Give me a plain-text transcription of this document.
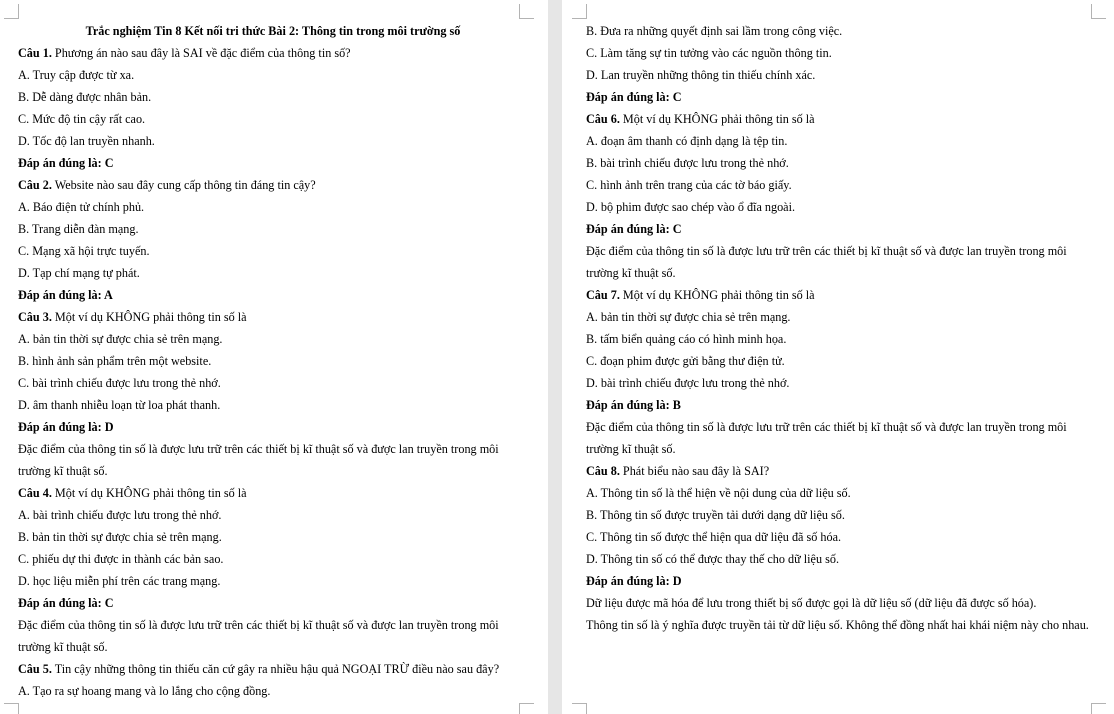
Trắc nghiệm Tin 8 Kết nối tri thức Bài 2: Thông tin trong môi trường số
Câu 1. Phương án nào sau đây là SAI về đặc điểm của thông tin số?
A. Truy cập được từ xa.
B. Dễ dàng được nhân bản.
C. Mức độ tin cậy rất cao.
D. Tốc độ lan truyền nhanh.
Đáp án đúng là: C
Câu 2. Website nào sau đây cung cấp thông tin đáng tin cậy?
A. Báo điện tử chính phủ.
B. Trang diễn đàn mạng.
C. Mạng xã hội trực tuyến.
D. Tạp chí mạng tự phát.
Đáp án đúng là: A
Câu 3. Một ví dụ KHÔNG phải thông tin số là
A. bản tin thời sự được chia sẻ trên mạng.
B. hình ảnh sản phẩm trên một website.
C. bài trình chiếu được lưu trong thẻ nhớ.
D. âm thanh nhiễu loạn từ loa phát thanh.
Đáp án đúng là: D
Đặc điểm của thông tin số là được lưu trữ trên các thiết bị kĩ thuật số và được lan truyền trong môi trường kĩ thuật số.
Câu 4. Một ví dụ KHÔNG phải thông tin số là
A. bài trình chiếu được lưu trong thẻ nhớ.
B. bản tin thời sự được chia sẻ trên mạng.
C. phiếu dự thi được in thành các bản sao.
D. học liệu miễn phí trên các trang mạng.
Đáp án đúng là: C
Đặc điểm của thông tin số là được lưu trữ trên các thiết bị kĩ thuật số và được lan truyền trong môi trường kĩ thuật số.
Câu 5. Tin cậy những thông tin thiếu căn cứ gây ra nhiều hậu quả NGOẠI TRỪ điều nào sau đây?
A. Tạo ra sự hoang mang và lo lắng cho cộng đồng.
B. Đưa ra những quyết định sai lầm trong công việc.
C. Làm tăng sự tin tưởng vào các nguồn thông tin.
D. Lan truyền những thông tin thiếu chính xác.
Đáp án đúng là: C
Câu 6. Một ví dụ KHÔNG phải thông tin số là
A. đoạn âm thanh có định dạng là tệp tin.
B. bài trình chiếu được lưu trong thẻ nhớ.
C. hình ảnh trên trang của các tờ báo giấy.
D. bộ phim được sao chép vào ổ đĩa ngoài.
Đáp án đúng là: C
Đặc điểm của thông tin số là được lưu trữ trên các thiết bị kĩ thuật số và được lan truyền trong môi trường kĩ thuật số.
Câu 7. Một ví dụ KHÔNG phải thông tin số là
A. bản tin thời sự được chia sẻ trên mạng.
B. tấm biển quảng cáo có hình minh họa.
C. đoạn phim được gửi bằng thư điện tử.
D. bài trình chiếu được lưu trong thẻ nhớ.
Đáp án đúng là: B
Đặc điểm của thông tin số là được lưu trữ trên các thiết bị kĩ thuật số và được lan truyền trong môi trường kĩ thuật số.
Câu 8. Phát biểu nào sau đây là SAI?
A. Thông tin số là thể hiện về nội dung của dữ liệu số.
B. Thông tin số được truyền tải dưới dạng dữ liệu số.
C. Thông tin số được thể hiện qua dữ liệu đã số hóa.
D. Thông tin số có thể được thay thế cho dữ liệu số.
Đáp án đúng là: D
Dữ liệu được mã hóa để lưu trong thiết bị số được gọi là dữ liệu số (dữ liệu đã được số hóa).
Thông tin số là ý nghĩa được truyền tải từ dữ liệu số. Không thể đồng nhất hai khái niệm này cho nhau.
